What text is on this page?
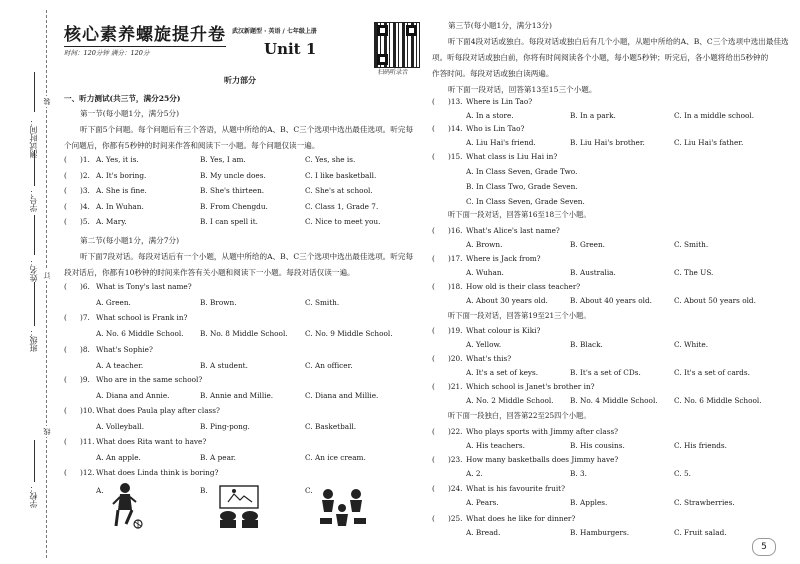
测试时间：
学号：
姓名：
班级：
学校：
装
订
线
核心素养螺旋提升卷
时间：120分钟 满分：120分
武汉新题型 · 英语 / 七年级上册
Unit 1
扫码听录音
听力部分
一、听力测试(共三节，满分25分)
第一节(每小题1分，满分5分)
听下面5个问题。每个问题后有三个答语，从题中所给的A、B、C三个选项中选出最佳选项。听完每
个问题后，你都有5秒钟的时间来作答和阅读下一小题。每个问题仅读一遍。
( )1. A. Yes, it is.	B. Yes, I am.	C. Yes, she is.
( )2. A. It's boring.	B. My uncle does.	C. I like basketball.
( )3. A. She is fine.	B. She's thirteen.	C. She's at school.
( )4. A. In Wuhan.	B. From Chengdu.	C. Class 1, Grade 7.
( )5. A. Mary.	B. I can spell it.	C. Nice to meet you.
第二节(每小题1分，满分7分)
听下面7段对话。每段对话后有一个小题，从题中所给的A、B、C三个选项中选出最佳选项。听完每
段对话后，你都有10秒钟的时间来作答有关小题和阅读下一小题。每段对话仅读一遍。
( )6. What is Tony's last name?
A. Green.	B. Brown.	C. Smith.
( )7. What school is Frank in?
A. No. 6 Middle School. B. No. 8 Middle School. C. No. 9 Middle School.
( )8. What's Sophie?
A. A teacher.	B. A student.	C. An officer.
( )9. Who are in the same school?
A. Diana and Annie.	B. Annie and Millie.	C. Diana and Millie.
( )10. What does Paula play after class?
A. Volleyball.	B. Ping-pong.	C. Basketball.
( )11. What does Rita want to have?
A. An apple.	B. A pear.	C. An ice cream.
( )12. What does Linda think is boring?
A.	B.	C.
第三节(每小题1分，满分13分)
听下面4段对话或独白。每段对话或独白后有几个小题，从题中所给的A、B、C三个选项中选出最佳选
项。听每段对话或独白前，你将有时间阅读各个小题，每小题5秒钟；听完后，各小题将给出5秒钟的
作答时间。每段对话或独白读两遍。
听下面一段对话，回答第13至15三个小题。
( )13. Where is Lin Tao?
A. In a store.	B. In a park.	C. In a middle school.
( )14. Who is Lin Tao?
A. Liu Hai's friend.	B. Liu Hai's brother.	C. Liu Hai's father.
( )15. What class is Liu Hai in?
A. In Class Seven, Grade Two.
B. In Class Two, Grade Seven.
C. In Class Seven, Grade Seven.
听下面一段对话，回答第16至18三个小题。
( )16. What's Alice's last name?
A. Brown.	B. Green.	C. Smith.
( )17. Where is Jack from?
A. Wuhan.	B. Australia.	C. The US.
( )18. How old is their class teacher?
A. About 30 years old.	B. About 40 years old.	C. About 50 years old.
听下面一段对话，回答第19至21三个小题。
( )19. What colour is Kiki?
A. Yellow.	B. Black.	C. White.
( )20. What's this?
A. It's a set of keys.	B. It's a set of CDs.	C. It's a set of cards.
( )21. Which school is Janet's brother in?
A. No. 2 Middle School. B. No. 4 Middle School. C. No. 6 Middle School.
听下面一段独白，回答第22至25四个小题。
( )22. Who plays sports with Jimmy after class?
A. His teachers.	B. His cousins.	C. His friends.
( )23. How many basketballs does Jimmy have?
A. 2.	B. 3.	C. 5.
( )24. What is his favourite fruit?
A. Pears.	B. Apples.	C. Strawberries.
( )25. What does he like for dinner?
A. Bread.	B. Hamburgers.	C. Fruit salad.
5
